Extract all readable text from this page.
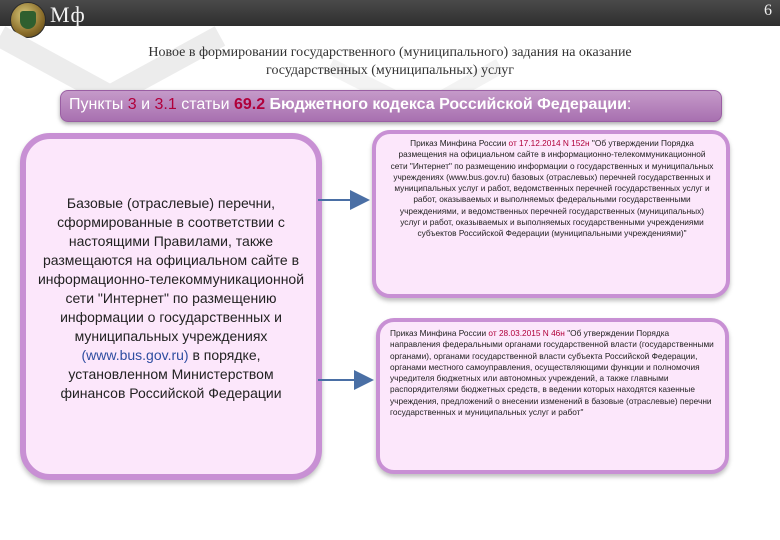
Мф	6
Новое в формировании государственного (муниципального) задания на оказание
государственных (муниципальных) услуг
Пункты 3 и 3.1 статьи 69.2 Бюджетного кодекса Российской Федерации:
Базовые (отраслевые) перечни, сформированные в соответствии с настоящими Правилами, также размещаются на официальном сайте в информационно-телекоммуникационной сети "Интернет" по размещению информации о государственных и муниципальных учреждениях (www.bus.gov.ru) в порядке, установленном Министерством финансов Российской Федерации
Приказ Минфина России от 17.12.2014 N 152н "Об утверждении Порядка размещения на официальном сайте в информационно-телекоммуникационной сети "Интернет" по размещению информации о государственных и муниципальных учреждениях (www.bus.gov.ru) базовых (отраслевых) перечней государственных и муниципальных услуг и работ, ведомственных перечней государственных услуг и работ, оказываемых и выполняемых федеральными государственными учреждениями, и ведомственных перечней государственных (муниципальных) услуг и работ, оказываемых и выполняемых государственными учреждениями субъектов Российской Федерации (муниципальными учреждениями)"
Приказ Минфина России от 28.03.2015 N 46н "Об утверждении Порядка направления федеральными органами государственной власти (государственными органами), органами государственной власти субъекта Российской Федерации, органами местного самоуправления, осуществляющими функции и полномочия учредителя бюджетных или автономных учреждений, а также главными распорядителями бюджетных средств, в ведении которых находятся казенные учреждения, предложений о внесении изменений в базовые (отраслевые) перечни государственных и муниципальных услуг и работ"
